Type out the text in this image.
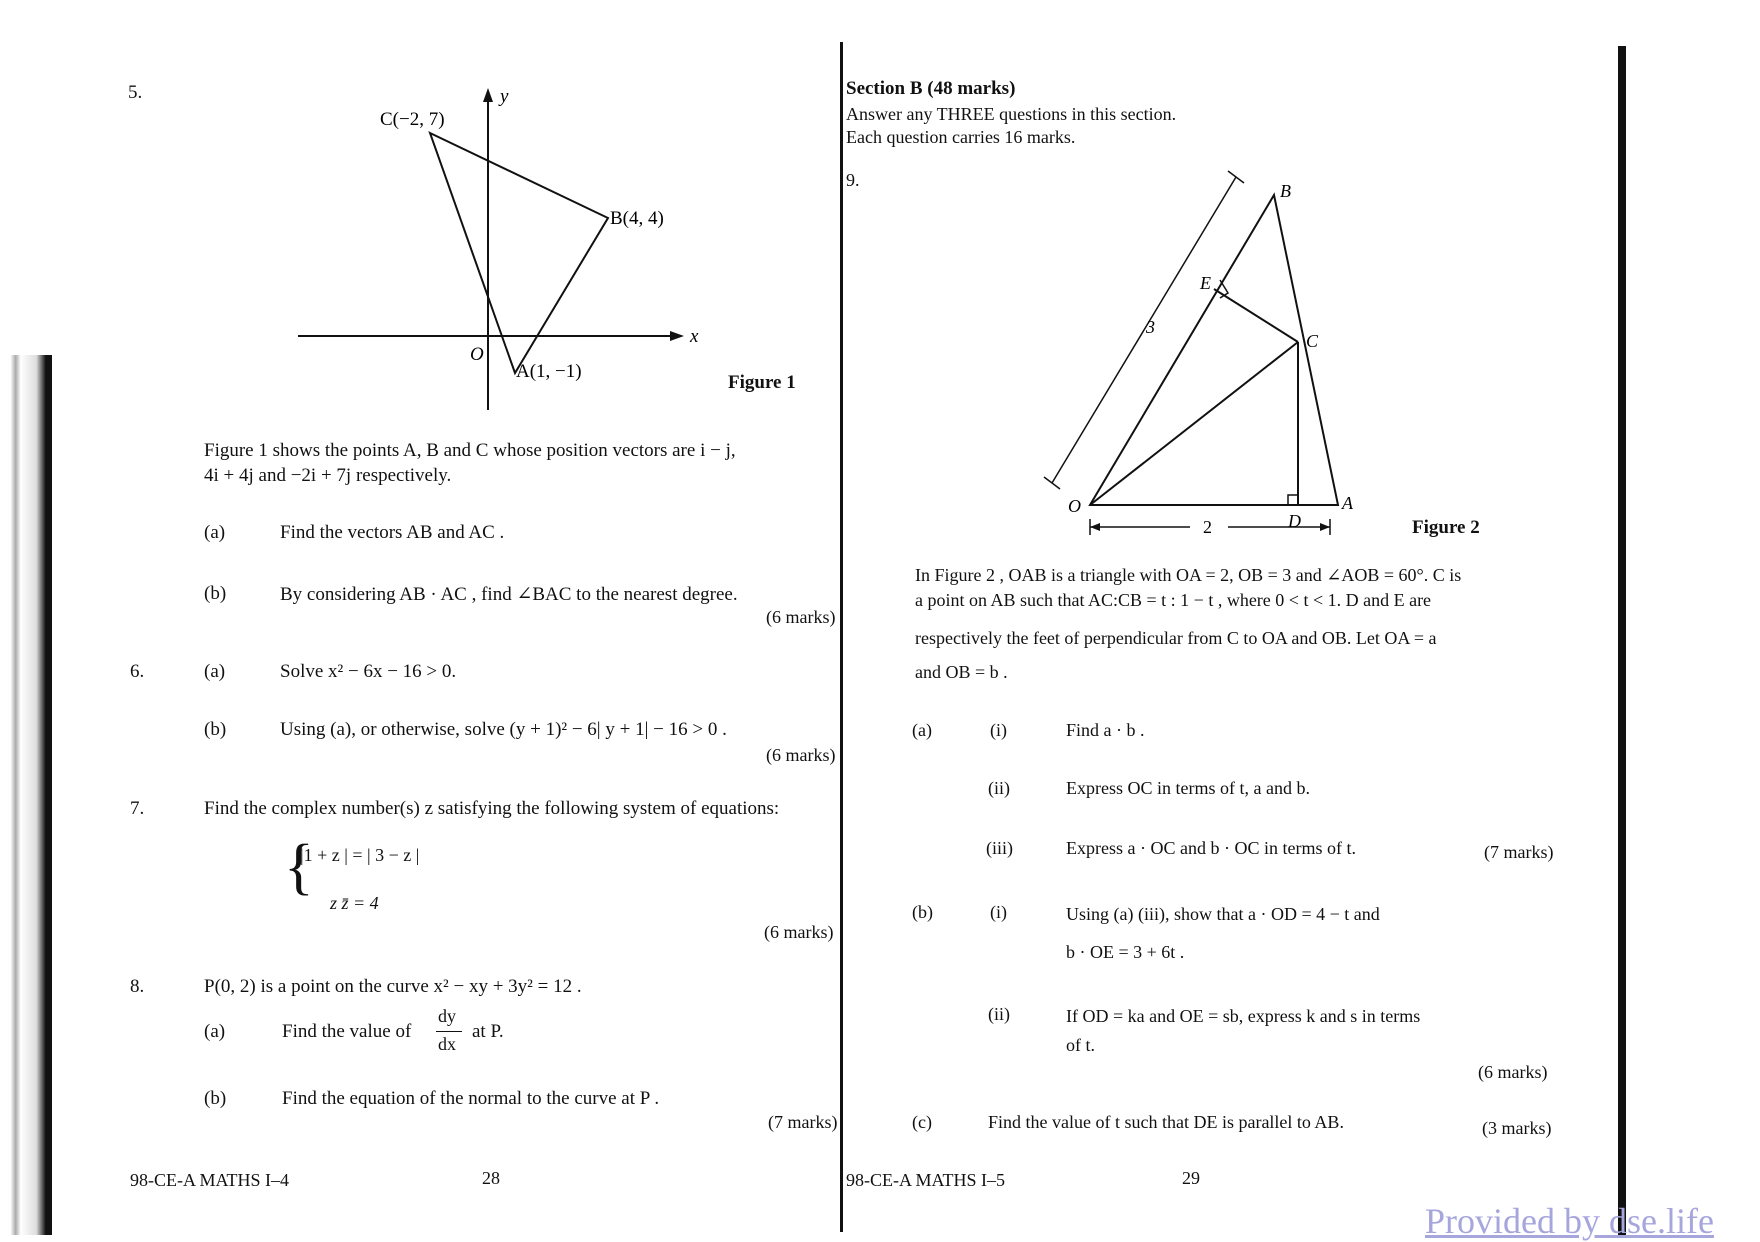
5.	y
x
O
C(−2, 7)
B(4, 4)
A(1, −1)
Figure 1
Figure 1 shows the points A, B and C whose position vectors are i − j,
4i + 4j and −2i + 7j respectively.
(a)	Find the vectors AB and AC .
(b)	By considering AB · AC , find ∠BAC to the nearest degree.
(6 marks)
6.	(a)	Solve x² − 6x − 16 > 0.
(b)	Using (a), or otherwise, solve (y + 1)² − 6| y + 1| − 16 > 0 .
(6 marks)
7.	Find the complex number(s) z satisfying the following system of equations:
{
|1 + z | = | 3 − z |
z z̄ = 4
(6 marks)
8.	P(0, 2) is a point on the curve x² − xy + 3y² = 12 .
(a)	Find the value of
dy
dx
at P.
(b)	Find the equation of the normal to the curve at P .
(7 marks)
98-CE-A MATHS I–4	28
Section B (48 marks)
Answer any THREE questions in this section.
Each question carries 16 marks.
9.
O	A
B
C
D
E
3
2	Figure 2
In Figure 2 , OAB is a triangle with OA = 2, OB = 3 and ∠AOB = 60°. C is
a point on AB such that AC:CB = t : 1 − t , where 0 < t < 1. D and E are
respectively the feet of perpendicular from C to OA and OB. Let OA = a
and OB = b .
(a)	(i)	Find a · b .
(ii)	Express OC in terms of t, a and b.
(iii)	Express a · OC and b · OC in terms of t.	(7 marks)
(b)	(i)	Using (a) (iii), show that a · OD = 4 − t and
b · OE = 3 + 6t .
(ii)	If OD = ka and OE = sb, express k and s in terms
of t.
(6 marks)
(c)	Find the value of t such that DE is parallel to AB.	(3 marks)
98-CE-A MATHS I–5	29
Provided by dse.life
